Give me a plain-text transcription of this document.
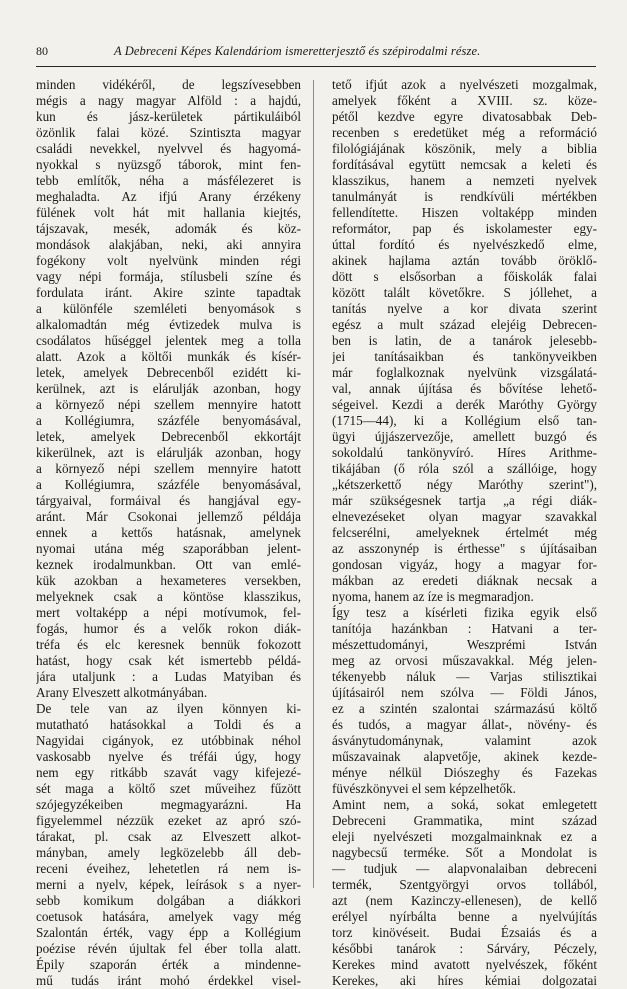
80	A Debreceni Képes Kalendáriom ismeretterjesztő és szépirodalmi része.
minden vidékéről, de legszívesebben
mégis a nagy magyar Alföld : a hajdú,
kun és jász-kerületek pártikuláiból
özönlik falai közé. Szintiszta magyar
családi nevekkel, nyelvvel és hagyomá-
nyokkal s nyüzsgő táborok, mint fen-
tebb említők, néha a másfélezeret is
meghaladta. Az ifjú Arany érzékeny
fülének volt hát mit hallania kiejtés,
tájszavak, mesék, adomák és köz-
mondások alakjában, neki, aki annyira
fogékony volt nyelvünk minden régi
vagy népi formája, stílusbeli színe és
fordulata iránt. Akire szinte tapadtak
a különféle szemléleti benyomások s
alkalomadtán még évtizedek mulva is
csodálatos hűséggel jelentek meg a tolla
alatt. Azok a költői munkák és kísér-
letek, amelyek Debrecenből ezidétt ki-
kerülnek, azt is elárulják azonban, hogy
a környező népi szellem mennyire hatott
a Kollégiumra, százféle benyomásával,
letek, amelyek Debrecenből ekkortájt
kikerülnek, azt is elárulják azonban, hogy
a környező népi szellem mennyire hatott
a Kollégiumra, százféle benyomásával,
tárgyaival, formáival és hangjával egy-
aránt. Már Csokonai jellemző példája
ennek a kettős hatásnak, amelynek
nyomai utána még szaporábban jelent-
keznek irodalmunkban. Ott van emlé-
kük azokban a hexameteres versekben,
melyeknek csak a köntöse klasszikus,
mert voltaképp a népi motívumok, fel-
fogás, humor és a velők rokon diák-
tréfa és elc keresnek bennük fokozott
hatást, hogy csak két ismertebb példá-
jára utaljunk : a Ludas Matyiban és
Arany Elveszett alkotmányában.
De tele van az ilyen könnyen ki-
mutatható hatásokkal a Toldi és a
Nagyidai cigányok, ez utóbbinak néhol
vaskosabb nyelve és tréfái úgy, hogy
nem egy ritkább szavát vagy kifejezé-
sét maga a költő szet műveihez fűzött
szójegyzékeiben megmagyarázni. Ha
figyelemmel nézzük ezeket az apró szó-
tárakat, pl. csak az Elveszett alkot-
mányban, amely legközelebb áll deb-
receni éveihez, lehetetlen rá nem is-
merni a nyelv, képek, leírások s a nyer-
sebb komikum dolgában a diákkori
coetusok hatására, amelyek vagy még
Szalontán érték, vagy épp a Kollégium
poézise révén újultak fel éber tolla alatt.
Épily szaporán érték a mindenne-
mű tudás iránt mohó érdekkel visel-
tető ifjút azok a nyelvészeti mozgalmak,
amelyek főként a XVIII. sz. köze-
pétől kezdve egyre divatosabbak Deb-
recenben s eredetüket még a reformáció
filológiájának köszönik, mely a biblia
fordításával egytütt nemcsak a keleti és
klasszikus, hanem a nemzeti nyelvek
tanulmányát is rendkívüli mértékben
fellendítette. Hiszen voltaképp minden
reformátor, pap és iskolamester egy-
úttal fordító és nyelvészkedő elme,
akinek hajlama aztán tovább öröklő-
dött s elsősorban a főiskolák falai
között talált követőkre. S jóllehet, a
tanítás nyelve a kor divata szerint
egész a mult század elejéig Debrecen-
ben is latin, de a tanárok jelesebb-
jei tanításaikban és tankönyveikben
már foglalkoznak nyelvünk vizsgálatá-
val, annak újítása és bővítése lehető-
ségeivel. Kezdi a derék Maróthy György
(1715—44), ki a Kollégium első tan-
ügyi újjászervezője, amellett buzgó és
sokoldalú tankönyvíró. Híres Arithme-
tikájában (ő róla szól a szállóige, hogy
„kétszerkettő négy Maróthy szerint"),
már szükségesnek tartja „a régi diák-
elnevezéseket olyan magyar szavakkal
felcserélni, amelyeknek értelmét még
az asszonynép is érthesse" s újításaiban
gondosan vigyáz, hogy a magyar for-
mákban az eredeti diáknak necsak a
nyoma, hanem az íze is megmaradjon.
Így tesz a kísérleti fizika egyik első
tanítója hazánkban : Hatvani a ter-
mészettudományi, Weszprémi István
meg az orvosi műszavakkal. Még jelen-
tékenyebb náluk — Varjas stilisztikai
újításairól nem szólva — Földi János,
ez a szintén szalontai származású költő
és tudós, a magyar állat-, növény- és
ásványtudománynak, valamint azok
műszavainak alapvetője, akinek kezde-
ménye nélkül Diószeghy és Fazekas
füvészkönyvei el sem képzelhetők.
Amint nem, a soká, sokat emlegetett
Debreceni Grammatika, mint század
eleji nyelvészeti mozgalmainknak ez a
nagybecsű terméke. Sőt a Mondolat is
— tudjuk — alapvonalaiban debreceni
termék, Szentgyörgyi orvos tollából,
azt (nem Kazinczy-ellenesen), de kellő
erélyel nyírbálta benne a nyelvújítás
torz kinövéseit. Budai Ézsaiás és a
későbbi tanárok : Sárváry, Péczely,
Kerekes mind avatott nyelvészek, főként
Kerekes, aki híres kémiai dolgozatai
